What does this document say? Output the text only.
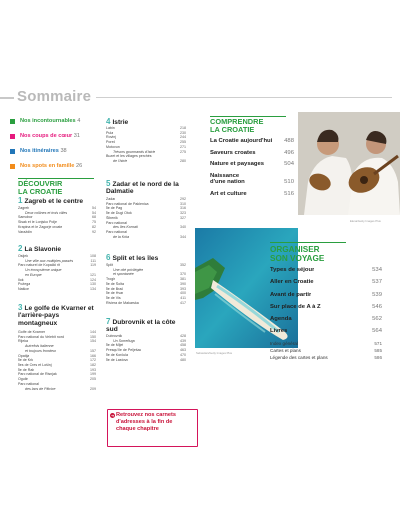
Sommaire
Nos incontournables 4
Nos coups de cœur 31
Nos itinéraires 38
Nos spots en famille 26
DÉCOUVRIR
LA CROATIE
1 Zagreb et le centre
Zagreb	54
Deux collines et trois villes	54
Samobor	68
Sisak et le Lonjsko Polje	75
Krapina et le Zagorje croate	82
Varaždin	92
2 La Slavonie
Osijek	108
Une ville aux multiples passés	111
Parc naturel de Kopački rit	119
Un écosystème unique
en Europe	121
Ilok	124
Požega	130
Našice	134
3 Le golfe de Kvarner et l'arrière-pays montagneux
Golfe de Kvarner	144
Parc national du Velebit nord	150
Rijeka	154
Autrefois italienne
et toujours frondeur	157
Opatija	166
Île de Krk	172
Îles de Cres et Lošinj	182
Île de Rab	193
Parc national de Risnjak	199
Ogulin	205
Parc national
des lacs de Plitvice	209
4 Istrie
Labin	218
Pula	230
Rovinj	244
Poreč	255
Motovun	271
Trésors gourmands d'Istrie	275
Buzet et les villages perchés
de l'Istrie	280
5 Zadar et le nord de la Dalmatie
Zadar	292
Parc national de Paklenica	310
Île de Pag	316
Île de Dugi Otok	323
Šibenik	327
Parc national
des îles Kornati	340
Parc national
de la Krka	344
6 Split et les îles
Split	352
Une cité privilégiée
et spontanée	370
Trogir	381
Île de Šolta	390
Île de Brač	393
Île de Hvar	400
Île de Vis	411
Riviera de Makarska	417
7 Dubrovnik et la côte sud
Dubrovnik	428
Un Sorreñugo	439
Île de Mljet	458
Presqu'île de Pelješac	463
Île de Korčula	470
Île de Lastovo	480
Sebastian/Getty Images Plus
➜ Retrouvez nos carnets d'adresses à la fin de chaque chapitre
COMPRENDRE
LA CROATIE
La Croatie aujourd'hui	488
Saveurs croates	496
Nature et paysages	504
Naissance
d'une nation	510
Art et culture	516
Elena/Getty Images Plus
ORGANISER
SON VOYAGE
Types de séjour	534
Aller en Croatie	537
Avant de partir	539
Sur place de A à Z	546
Agenda	562
Livres	564
Index général	571
Cartes et plans	585
Légende des cartes et plans	586
